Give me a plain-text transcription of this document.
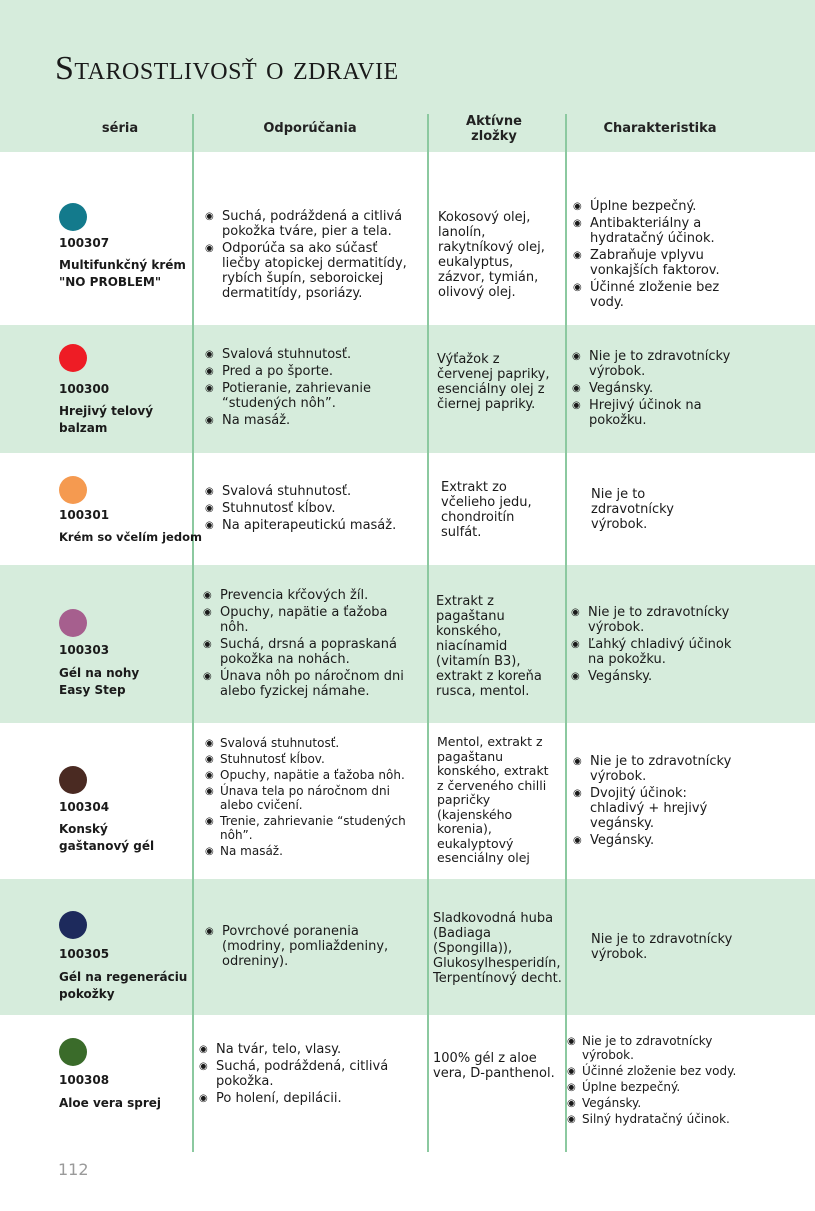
Starostlivosť o zdravie
séria	Odporúčania	Aktívne
zložky
Charakteristika
100307
Multifunkčný krém
"NO PROBLEM"
◉ Suchá, podráždená a citlivá pokožka tváre, pier a tela.
◉ Odporúča sa ako súčasť liečby atopickej dermatitídy, rybích šupín, seboroickej dermatitídy, psoriázy.
Kokosový olej, lanolín, rakytníkový olej, eukalyptus, zázvor, tymián, olivový olej.
◉ Úplne bezpečný.
◉ Antibakteriálny a hydratačný účinok.
◉ Zabraňuje vplyvu vonkajších faktorov.
◉ Účinné zloženie bez vody.
100300
Hrejivý telový
balzam
◉ Svalová stuhnutosť.
◉ Pred a po športe.
◉ Potieranie, zahrievanie “studených nôh”.
◉ Na masáž.
Výťažok z červenej papriky, esenciálny olej z čiernej papriky.
◉ Nie je to zdravotnícky výrobok.
◉ Vegánsky.
◉ Hrejivý účinok na pokožku.
100301
Krém so včelím jedom
◉ Svalová stuhnutosť.
◉ Stuhnutosť kĺbov.
◉ Na apiterapeutickú masáž.
Extrakt zo včelieho jedu, chondroitín sulfát.
Nie je to zdravotnícky výrobok.
100303
Gél na nohy
Easy Step
◉ Prevencia kŕčových žíl.
◉ Opuchy, napätie a ťažoba nôh.
◉ Suchá, drsná a popraskaná pokožka na nohách.
◉ Únava nôh po náročnom dni alebo fyzickej námahe.
Extrakt z pagaštanu konského, niacínamid (vitamín B3), extrakt z koreňa rusca, mentol.
◉ Nie je to zdravotnícky výrobok.
◉ Ľahký chladivý účinok na pokožku.
◉ Vegánsky.
100304
Konský
gaštanový gél
◉ Svalová stuhnutosť.
◉ Stuhnutosť kĺbov.
◉ Opuchy, napätie a ťažoba nôh.
◉ Únava tela po náročnom dni alebo cvičení.
◉ Trenie, zahrievanie “studených nôh”.
◉ Na masáž.
Mentol, extrakt z pagaštanu konského, extrakt z červeného chilli papričky (kajenského korenia), eukalyptový esenciálny olej
◉ Nie je to zdravotnícky výrobok.
◉ Dvojitý účinok: chladivý + hrejivý vegánsky.
◉ Vegánsky.
100305
Gél na regeneráciu
pokožky
◉ Povrchové poranenia (modriny, pomliaždeniny, odreniny).
Sladkovodná huba (Badiaga (Spongilla)), Glukosylhesperidín, Terpentínový decht.
Nie je to zdravotnícky výrobok.
100308
Aloe vera sprej
◉ Na tvár, telo, vlasy.
◉ Suchá, podráždená, citlivá pokožka.
◉ Po holení, depilácii.
100% gél z aloe vera, D-panthenol.
◉ Nie je to zdravotnícky výrobok.
◉ Účinné zloženie bez vody.
◉ Úplne bezpečný.
◉ Vegánsky.
◉ Silný hydratačný účinok.
112
